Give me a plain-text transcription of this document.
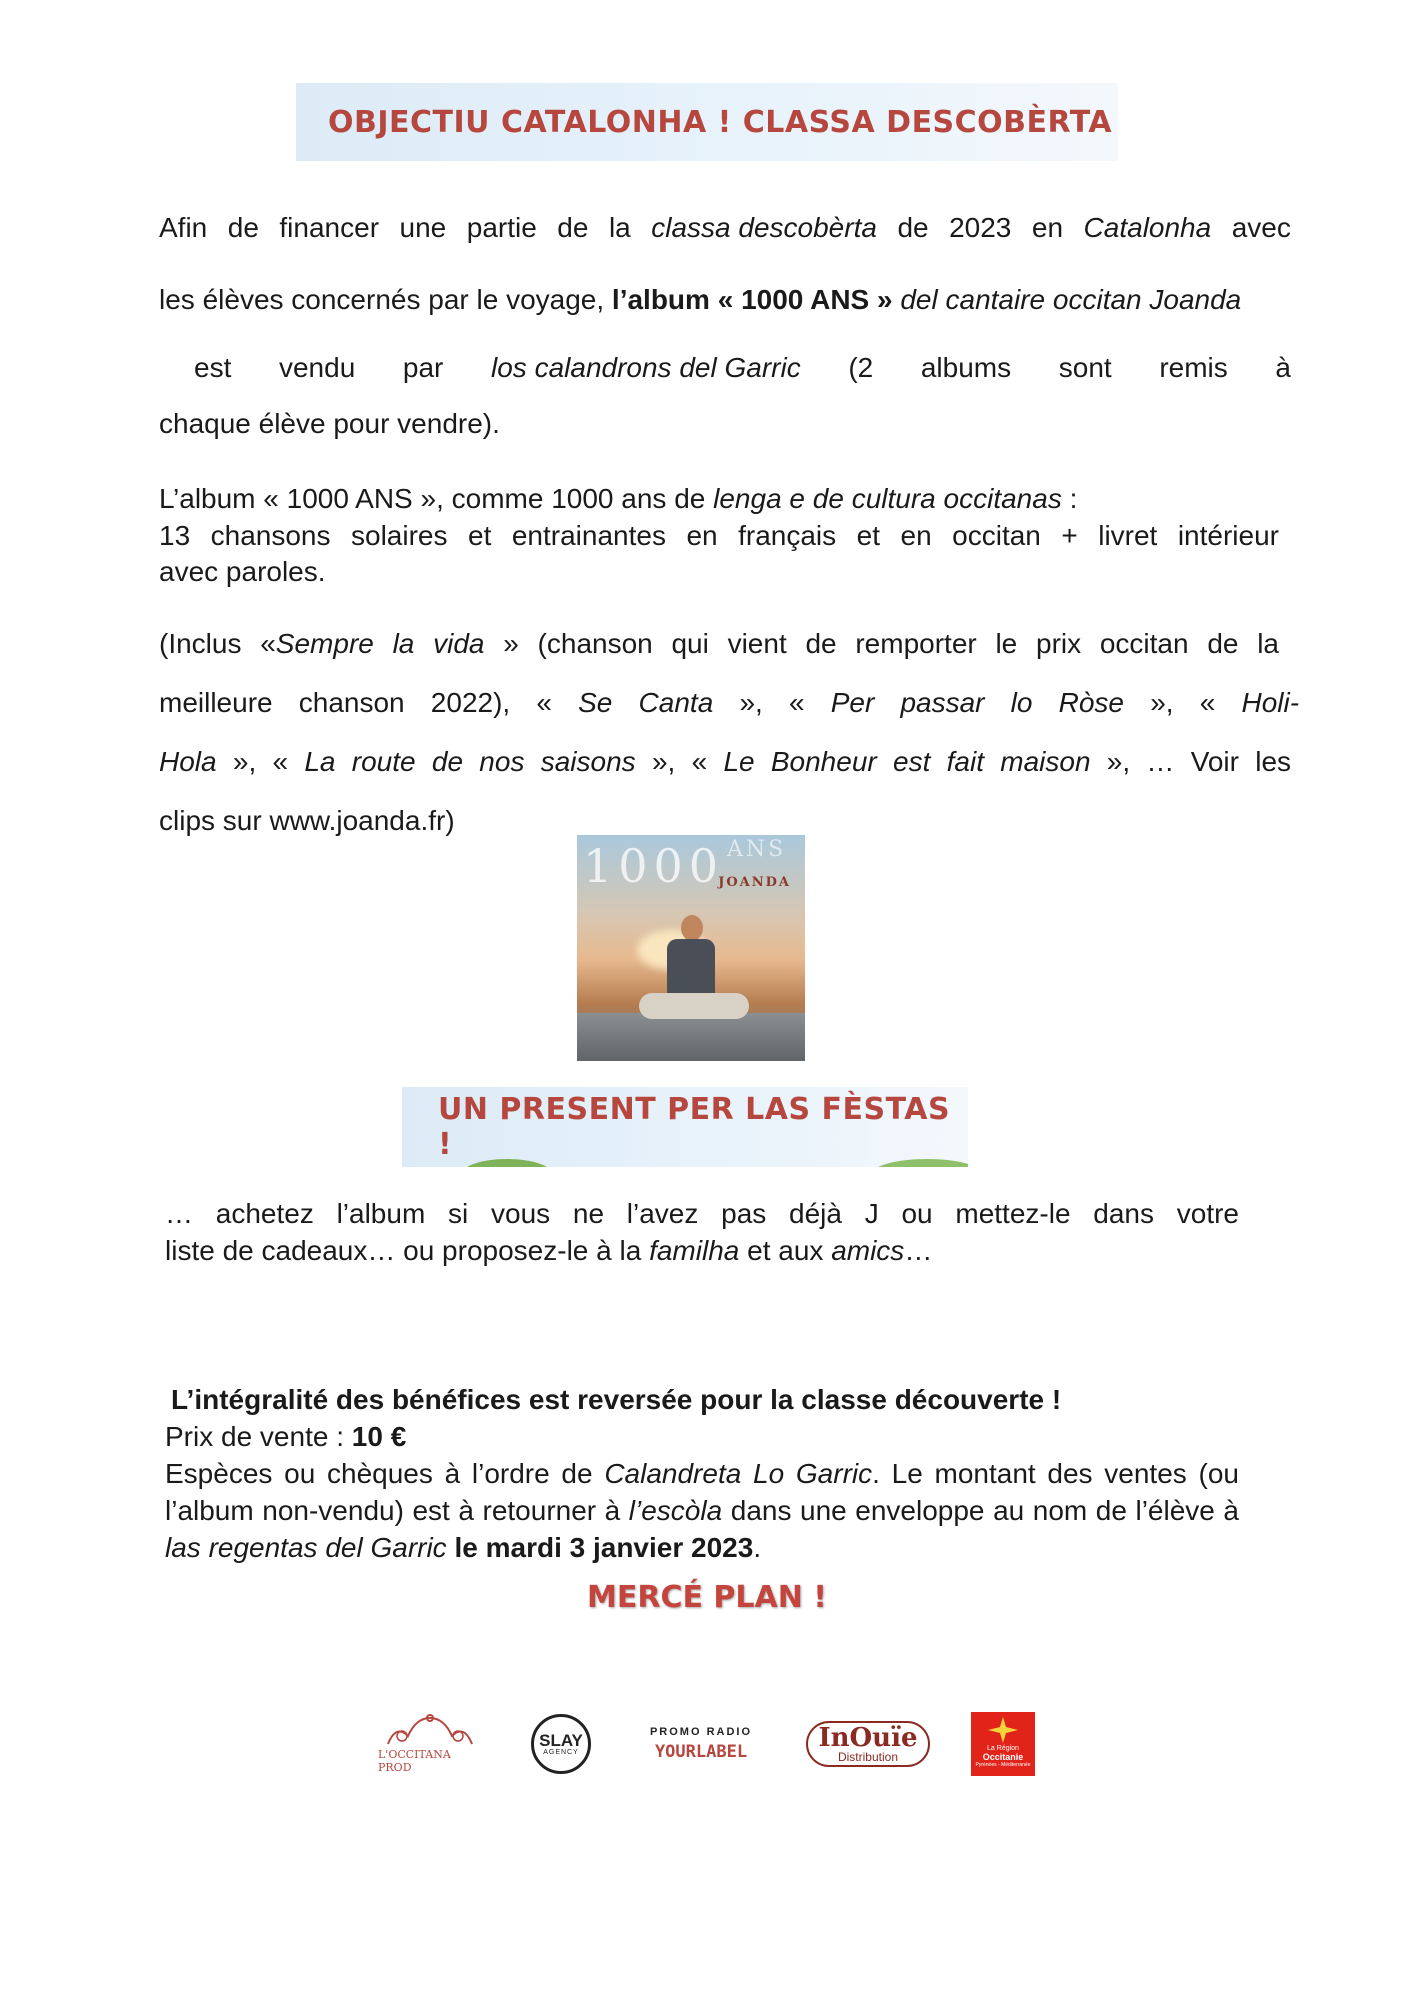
OBJECTIU CATALONHA ! CLASSA DESCOBÈRTA
Afin de financer une partie de la classa descobèrta de 2023 en Catalonha avec
les élèves concernés par le voyage, l’album « 1000 ANS » del cantaire occitan Joanda
est vendu par los calandrons del Garric (2 albums sont remis à
chaque élève pour vendre).
L’album « 1000 ANS », comme 1000 ans de lenga e de cultura occitanas :
13 chansons solaires et entrainantes en français et en occitan + livret intérieur
avec paroles.
(Inclus «Sempre la vida » (chanson qui vient de remporter le prix occitan de la
meilleure chanson 2022), « Se Canta », « Per passar lo Ròse », « Holi-
Hola », « La route de nos saisons », « Le Bonheur est fait maison », … Voir les
clips sur www.joanda.fr)
1000 ANS
JOANDA
UN PRESENT PER LAS FÈSTAS !
… achetez l’album si vous ne l’avez pas déjà J ou mettez-le dans votre
liste de cadeaux… ou proposez-le à la familha et aux amics…
L’intégralité des bénéfices est reversée pour la classe découverte !
Prix de vente : 10 €
Espèces ou chèques à l’ordre de Calandreta Lo Garric. Le montant des ventes (ou l’album non-vendu) est à retourner à l’escòla dans une enveloppe au nom de l’élève à las regentas del Garric le mardi 3 janvier 2023.
MERCÉ PLAN !
L'OCCITANA PROD
SLAY
AGENCY
PROMO RADIO
YOURLABEL	InOuïe
Distribution
La Région
Occitanie
Pyrénées - Méditerranée
